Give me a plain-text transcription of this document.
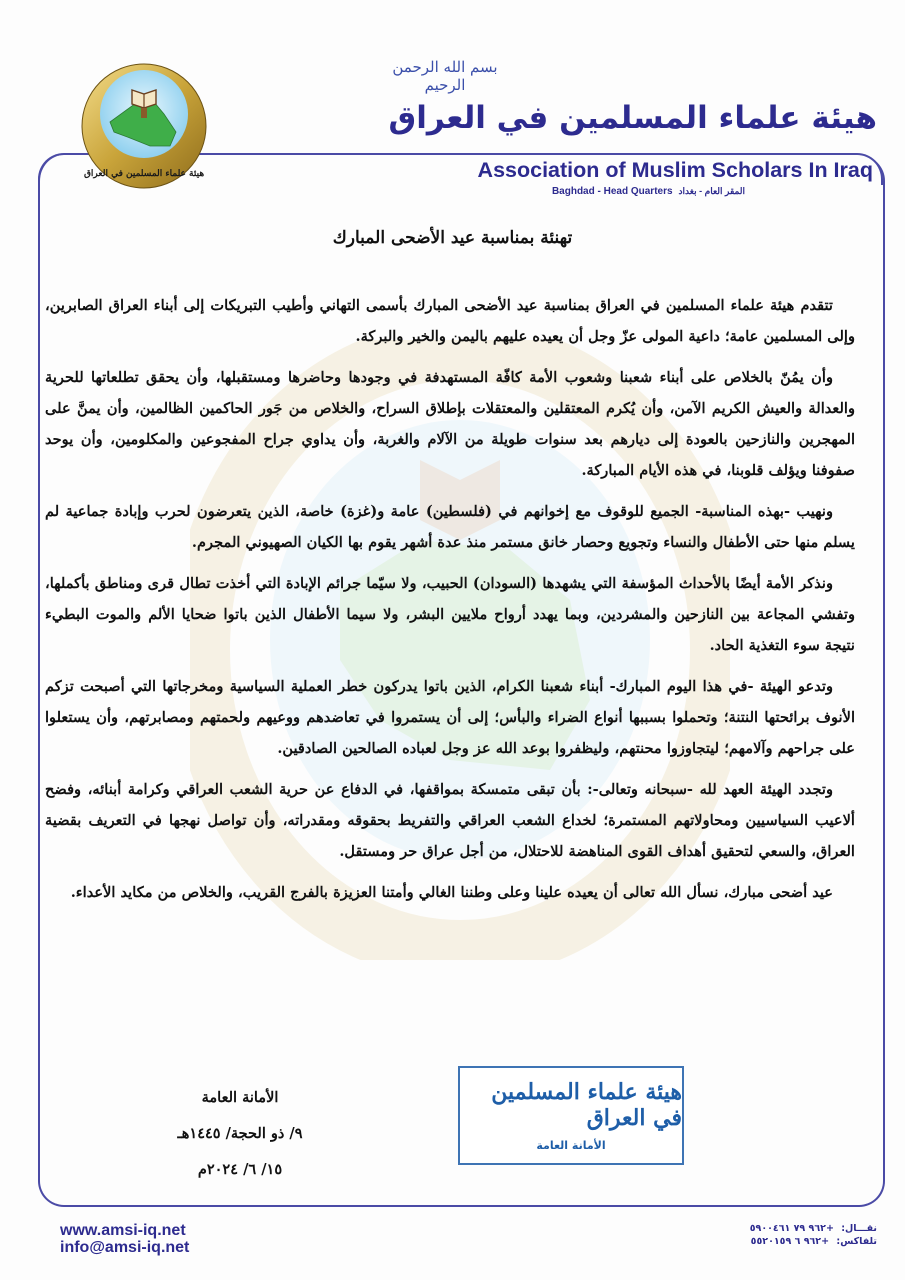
بسم الله الرحمن الرحيم
هيئة علماء المسلمين في العراق
Association of Muslim Scholars In Iraq
Baghdad - Head Quarters المقر العام - بغداد
هيئة علماء المسلمين في العراق
تهنئة بمناسبة عيد الأضحى المبارك

تتقدم هيئة علماء المسلمين في العراق بمناسبة عيد الأضحى المبارك بأسمى التهاني وأطيب التبريكات إلى أبناء العراق الصابرين، وإلى المسلمين عامة؛ داعية المولى عزّ وجل أن يعيده عليهم باليمن والخير والبركة.

وأن يمُنّ بالخلاص على أبناء شعبنا وشعوب الأمة كافّة المستهدفة في وجودها وحاضرها ومستقبلها، وأن يحقق تطلعاتها للحرية والعدالة والعيش الكريم الآمن، وأن يُكرم المعتقلين والمعتقلات بإطلاق السراح، والخلاص من جَور الحاكمين الظالمين، وأن يمنَّ على المهجرين والنازحين بالعودة إلى ديارهم بعد سنوات طويلة من الآلام والغربة، وأن يداوي جراح المفجوعين والمكلومين، وأن يوحد صفوفنا ويؤلف قلوبنا، في هذه الأيام المباركة.

ونهيب -بهذه المناسبة- الجميع للوقوف مع إخوانهم في (فلسطين) عامة و(غزة) خاصة، الذين يتعرضون لحرب وإبادة جماعية لم يسلم منها حتى الأطفال والنساء وتجويع وحصار خانق مستمر منذ عدة أشهر يقوم بها الكيان الصهيوني المجرم.

ونذكر الأمة أيضًا بالأحداث المؤسفة التي يشهدها (السودان) الحبيب، ولا سيّما جرائم الإبادة التي أخذت تطال قرى ومناطق بأكملها، وتفشي المجاعة بين النازحين والمشردين، وبما يهدد أرواح ملايين البشر، ولا سيما الأطفال الذين باتوا ضحايا الألم والموت البطيء نتيجة سوء التغذية الحاد.

وتدعو الهيئة -في هذا اليوم المبارك- أبناء شعبنا الكرام، الذين باتوا يدركون خطر العملية السياسية ومخرجاتها التي أصبحت تزكم الأنوف برائحتها النتنة؛ وتحملوا بسببها أنواع الضراء والبأس؛ إلى أن يستمروا في تعاضدهم ووعيهم ولحمتهم ومصابرتهم، وأن يستعلوا على جراحهم وآلامهم؛ ليتجاوزوا محنتهم، وليظفروا بوعد الله عز وجل لعباده الصالحين الصادقين.

وتجدد الهيئة العهد لله -سبحانه وتعالى-: بأن تبقى متمسكة بمواقفها، في الدفاع عن حرية الشعب العراقي وكرامة أبنائه، وفضح ألاعيب السياسيين ومحاولاتهم المستمرة؛ لخداع الشعب العراقي والتفريط بحقوقه ومقدراته، وأن تواصل نهجها في التعريف بقضية العراق، والسعي لتحقيق أهداف القوى المناهضة للاحتلال، من أجل عراق حر ومستقل.

عيد أضحى مبارك، نسأل الله تعالى أن يعيده علينا وعلى وطننا الغالي وأمتنا العزيزة بالفرج القريب، والخلاص من مكايد الأعداء.

الأمانة العامة
٩/ ذو الحجة/ ١٤٤٥هـ
١٥/ ٦/ ٢٠٢٤م
هيئة علماء المسلمين في العراق
الأمانة العامة
www.amsi-iq.net
info@amsi-iq.net
نقـــال: +٩٦٢ ٧٩ ٥٩٠٠٤٦١
تلفاكس: +٩٦٢ ٦ ٥٥٢٠١٥٩
